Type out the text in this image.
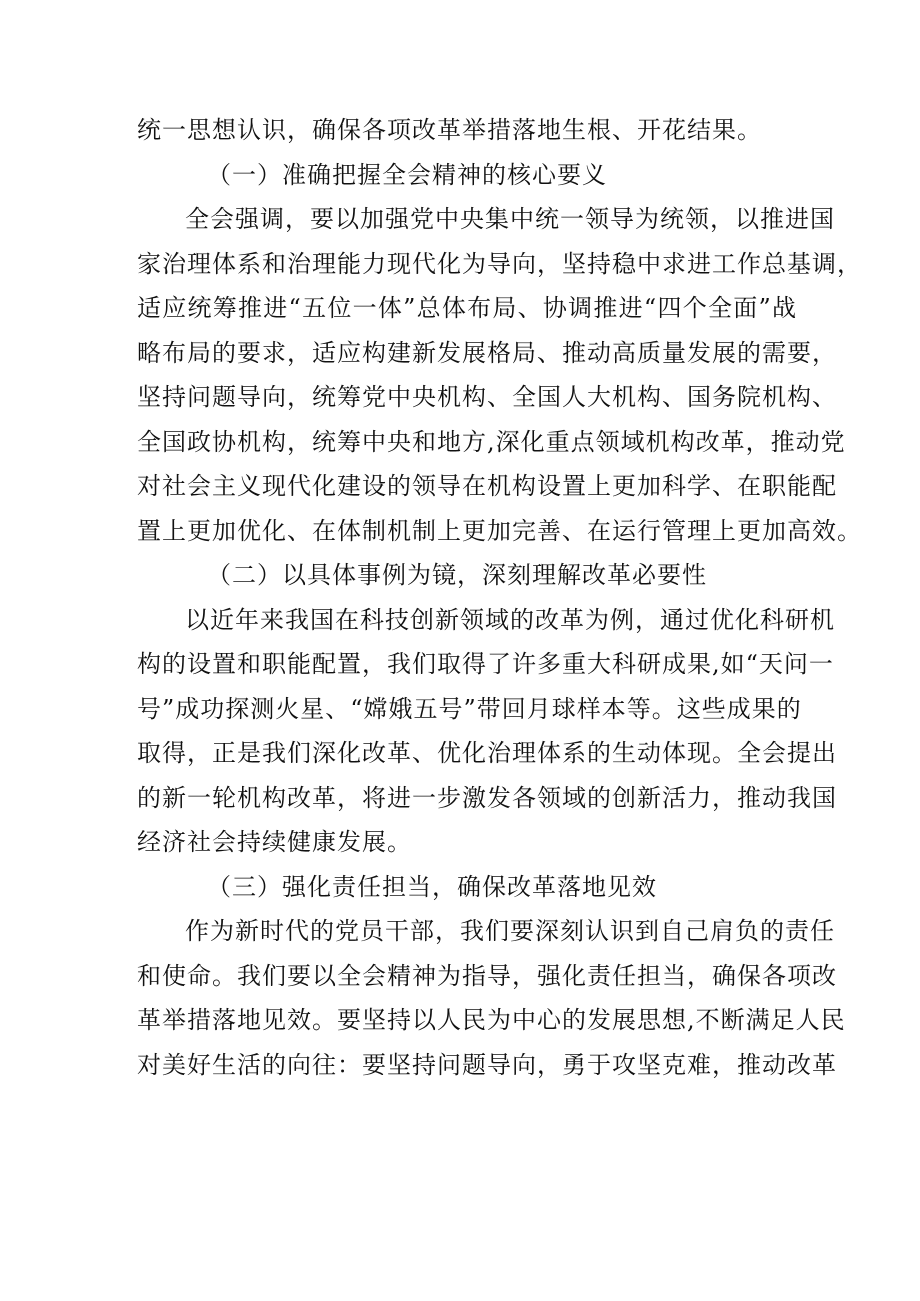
统一思想认识，确保各项改革举措落地生根、开花结果。
（一）准确把握全会精神的核心要义
全会强调，要以加强党中央集中统一领导为统领，以推进国
家治理体系和治理能力现代化为导向，坚持稳中求进工作总基调，
适应统筹推进“五位一体”总体布局、协调推进“四个全面”战
略布局的要求，适应构建新发展格局、推动高质量发展的需要，
坚持问题导向，统筹党中央机构、全国人大机构、国务院机构、
全国政协机构，统筹中央和地方,深化重点领域机构改革，推动党
对社会主义现代化建设的领导在机构设置上更加科学、在职能配
置上更加优化、在体制机制上更加完善、在运行管理上更加高效。
（二）以具体事例为镜，深刻理解改革必要性
以近年来我国在科技创新领域的改革为例，通过优化科研机
构的设置和职能配置，我们取得了许多重大科研成果,如“天问一
号”成功探测火星、“嫦娥五号”带回月球样本等。这些成果的
取得，正是我们深化改革、优化治理体系的生动体现。全会提出
的新一轮机构改革，将进一步激发各领域的创新活力，推动我国
经济社会持续健康发展。
（三）强化责任担当，确保改革落地见效
作为新时代的党员干部，我们要深刻认识到自己肩负的责任
和使命。我们要以全会精神为指导，强化责任担当，确保各项改
革举措落地见效。要坚持以人民为中心的发展思想,不断满足人民
对美好生活的向往：要坚持问题导向，勇于攻坚克难，推动改革
